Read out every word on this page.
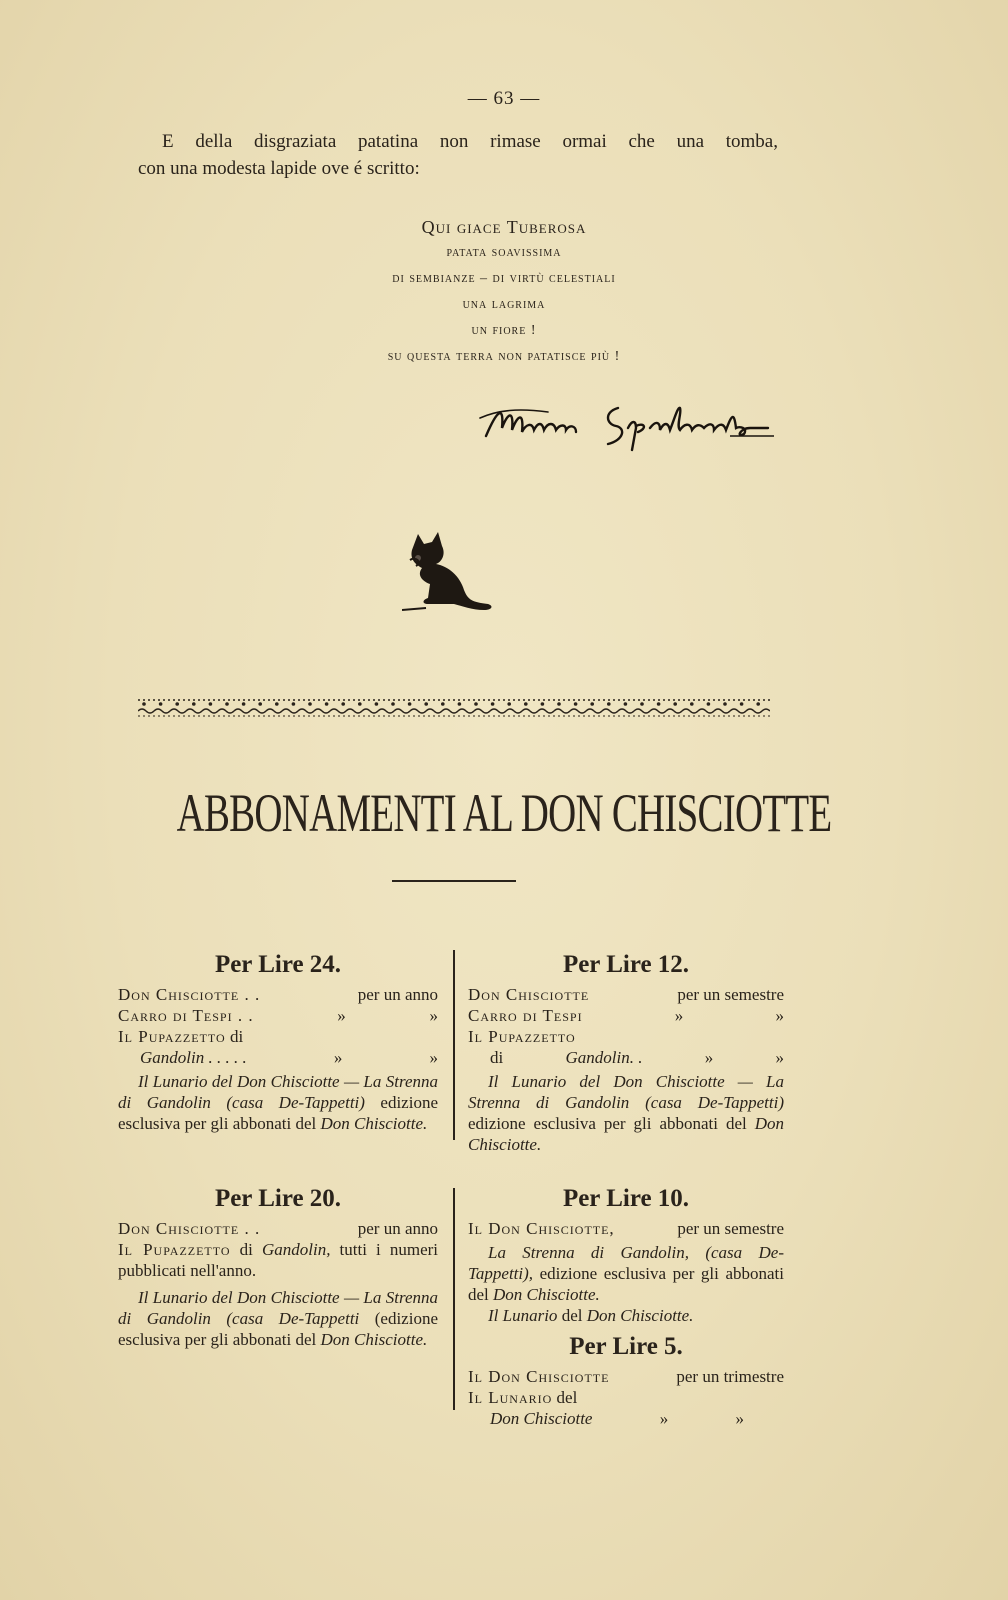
— 63 —
E della disgraziata patatina non rimase ormai che una tomba,
con una modesta lapide ove é scritto:
Qui giace Tuberosa
patata soavissima
di sembianze – di virtù celestiali
una lagrima
un fiore !
su questa terra non patatisce più !
ABBONAMENTI AL DON CHISCIOTTE
Per Lire 24.
Don Chisciotte . .	per un anno
Carro di Tespi . .	»	»
Il Pupazzetto di
Gandolin . . . . .	»	»
Il Lunario del Don Chisciotte — La Strenna di Gandolin (casa De-Tappetti) edizione esclusiva per gli abbonati del Don Chisciotte.
Per Lire 12.
Don Chisciotte	per un semestre
Carro di Tespi	»	»
Il Pupazzetto
di	Gandolin. .	»	»
Il Lunario del Don Chisciotte — La Strenna di Gandolin (casa De-Tappetti) edizione esclusiva per gli abbonati del Don Chisciotte.
Per Lire 20.
Don Chisciotte . .	per un anno
Il Pupazzetto di Gandolin, tutti i numeri pubblicati nell'anno.
Il Lunario del Don Chisciotte — La Strenna di Gandolin (casa De-Tappetti (edizione esclusiva per gli abbonati del Don Chisciotte.
Per Lire 10.
Il Don Chisciotte,	per un semestre
La Strenna di Gandolin, (casa De-Tappetti), edizione esclusiva per gli abbonati del Don Chisciotte.
Il Lunario del Don Chisciotte.
Per Lire 5.
Il Don Chisciotte	per un trimestre
Il Lunario del
Don Chisciotte	»	»
